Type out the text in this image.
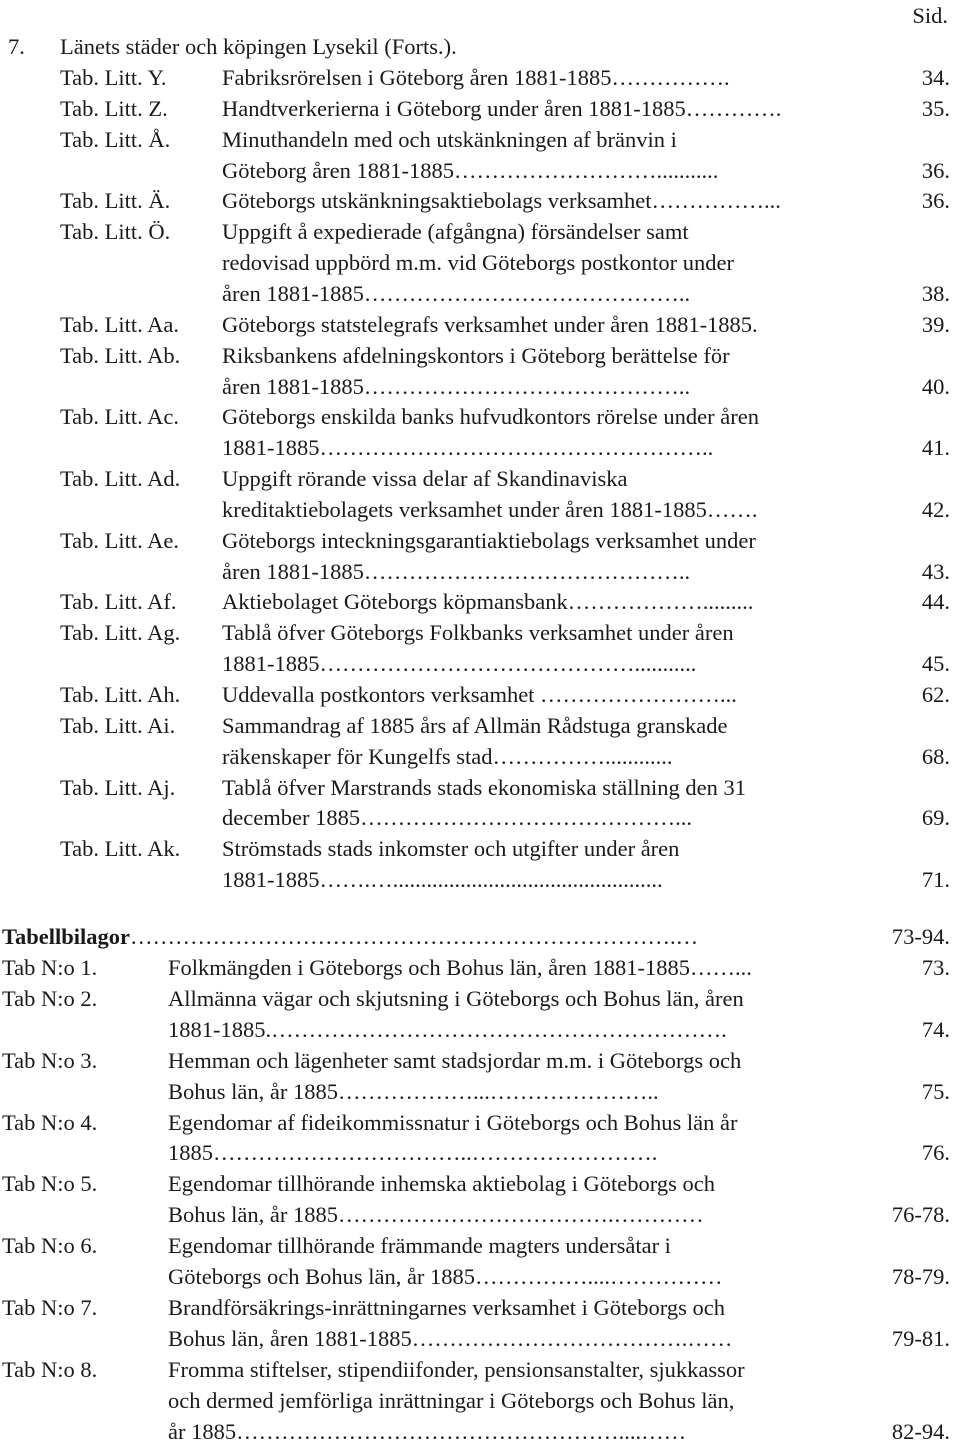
Sid.
7. Länets städer och köpingen Lysekil (Forts.).
Tab. Litt. Y. Fabriksrörelsen i Göteborg åren 1881-1885…………….	34.
Tab. Litt. Z. Handtverkerierna i Göteborg under åren 1881-1885………….	35.
Tab. Litt. Å. Minuthandeln med och utskänkningen af bränvin i
Göteborg åren 1881-1885………………………...........	36.
Tab. Litt. Ä. Göteborgs utskänkningsaktiebolags verksamhet……………...	36.
Tab. Litt. Ö. Uppgift å expedierade (afgångna) försändelser samt
redovisad uppbörd m.m. vid Göteborgs postkontor under
åren 1881-1885……………………………………..	38.
Tab. Litt. Aa. Göteborgs statstelegrafs verksamhet under åren 1881-1885.	39.
Tab. Litt. Ab. Riksbankens afdelningskontors i Göteborg berättelse för
åren 1881-1885……………………………………..	40.
Tab. Litt. Ac. Göteborgs enskilda banks hufvudkontors rörelse under åren
1881-1885……………………………………………..	41.
Tab. Litt. Ad. Uppgift rörande vissa delar af Skandinaviska
kreditaktiebolagets verksamhet under åren 1881-1885…….	42.
Tab. Litt. Ae. Göteborgs inteckningsgarantiaktiebolags verksamhet under
åren 1881-1885……………………………………..	43.
Tab. Litt. Af. Aktiebolaget Göteborgs köpmansbank……………….........	44.
Tab. Litt. Ag. Tablå öfver Göteborgs Folkbanks verksamhet under åren
1881-1885……………………………………...........	45.
Tab. Litt. Ah. Uddevalla postkontors verksamhet ……………………...	62.
Tab. Litt. Ai. Sammandrag af 1885 års af Allmän Rådstuga granskade
räkenskaper för Kungelfs stad……………............	68.
Tab. Litt. Aj. Tablå öfver Marstrands stads ekonomiska ställning den 31
december 1885……………………………………...	69.
Tab. Litt. Ak. Strömstads stads inkomster och utgifter under åren
1881-1885…….…................................................	71.
Tabellbilagor……………………………………………………………….…	73-94.
Tab N:o 1.	Folkmängden i Göteborgs och Bohus län, åren 1881-1885……...	73.
Tab N:o 2.	Allmänna vägar och skjutsning i Göteborgs och Bohus län, åren
1881-1885.…………………………………………………….	74.
Tab N:o 3.	Hemman och lägenheter samt stadsjordar m.m. i Göteborgs och
Bohus län, år 1885………………...…………………..	75.
Tab N:o 4.	Egendomar af fideikommissnatur i Göteborgs och Bohus län år
1885……………………………..…………………….	76.
Tab N:o 5.	Egendomar tillhörande inhemska aktiebolag i Göteborgs och
Bohus län, år 1885……………………………….…………	76-78.
Tab N:o 6.	Egendomar tillhörande främmande magters undersåtar i
Göteborgs och Bohus län, år 1885……………....……………	78-79.
Tab N:o 7.	Brandförsäkrings-inrättningarnes verksamhet i Göteborgs och
Bohus län, åren 1881-1885……………………………….……	79-81.
Tab N:o 8.	Fromma stiftelser, stipendiifonder, pensionsanstalter, sjukkassor
och dermed jemförliga inrättningar i Göteborgs och Bohus län,
år 1885……………………………………………....……	82-94.
